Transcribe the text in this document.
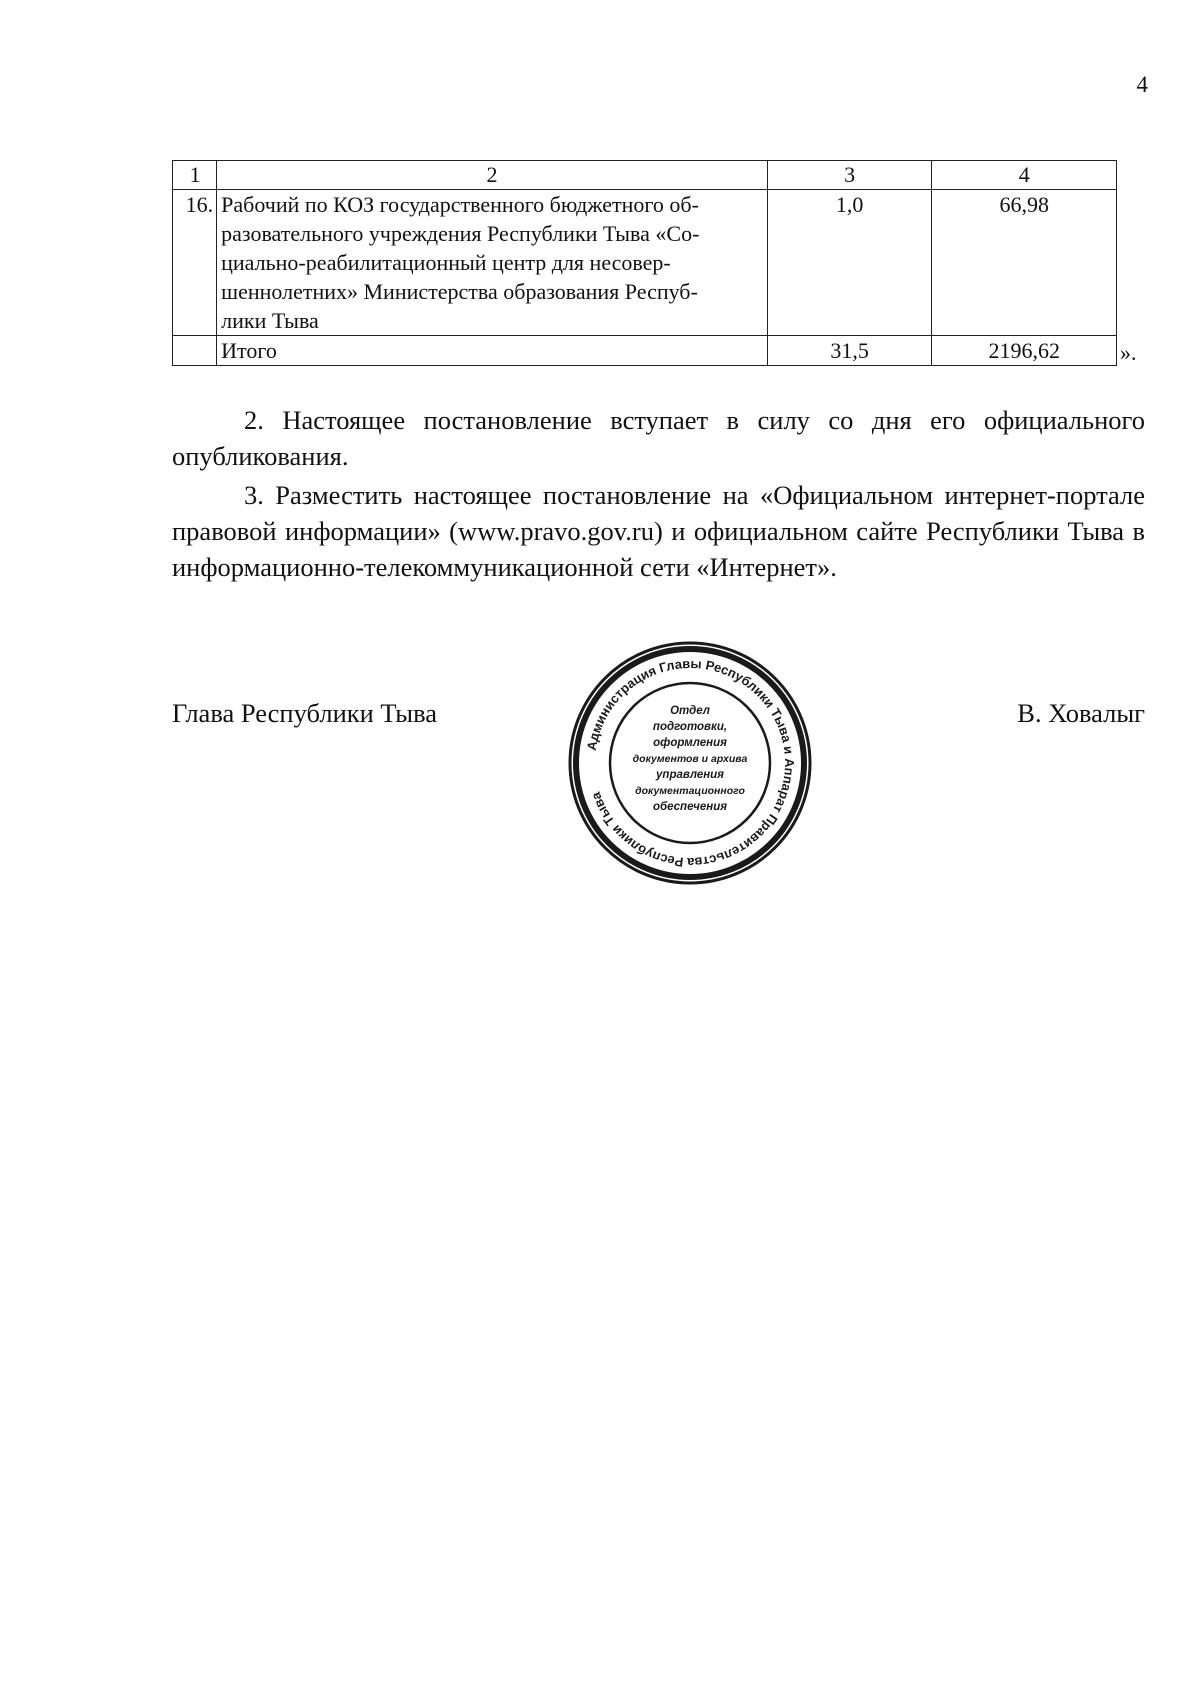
4
1	2	3	4
16.	Рабочий по КОЗ государственного бюджетного об-
разовательного учреждения Республики Тыва «Со-
циально-реабилитационный центр для несовер-
шеннолетних» Министерства образования Респуб-
лики Тыва	1,0	66,98
	Итого	31,5	2196,62	».

2. Настоящее постановление вступает в силу со дня его официального опубликования.

3. Разместить настоящее постановление на «Официальном интернет-портале правовой информации» (www.pravo.gov.ru) и официальном сайте Республики Тыва в информационно-телекоммуникационной сети «Интернет».

Глава Республики Тыва	В. Ховалыг
Администрация Главы Республики Тыва и Аппарат Правительства Республики Тыва
Отдел
подготовки,
оформления
документов и архива
управления
документационного
обеспечения
